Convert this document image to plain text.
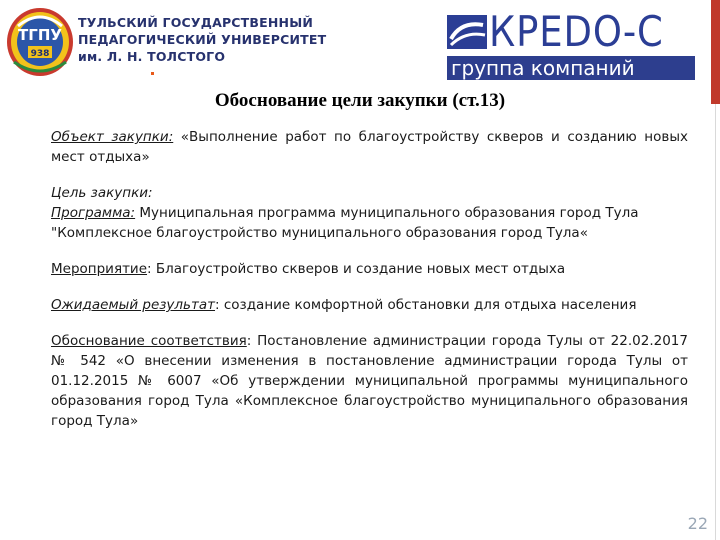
ТГПУ
938
ТУЛЬСКИЙ ГОСУДАРСТВЕННЫЙ
ПЕДАГОГИЧЕСКИЙ УНИВЕРСИТЕТ
им. Л. Н. ТОЛСТОГО
КРЕDО-С
группа компаний
Обоснование цели закупки (ст.13)

Объект закупки: «Выполнение работ по благоустройству скверов и созданию новых мест отдыха»

Цель закупки:
Программа: Муниципальная программа муниципального образования город Тула
"Комплексное благоустройство муниципального образования город Тула«

Мероприятие: Благоустройство скверов и создание новых мест отдыха

Ожидаемый результат: создание комфортной обстановки для отдыха населения

Обоснование соответствия: Постановление администрации города Тулы от 22.02.2017 № 542 «О внесении изменения в постановление администрации города Тулы от 01.12.2015 № 6007 «Об утверждении муниципальной программы муниципального образования город Тула «Комплексное благоустройство муниципального образования город Тула»

22
